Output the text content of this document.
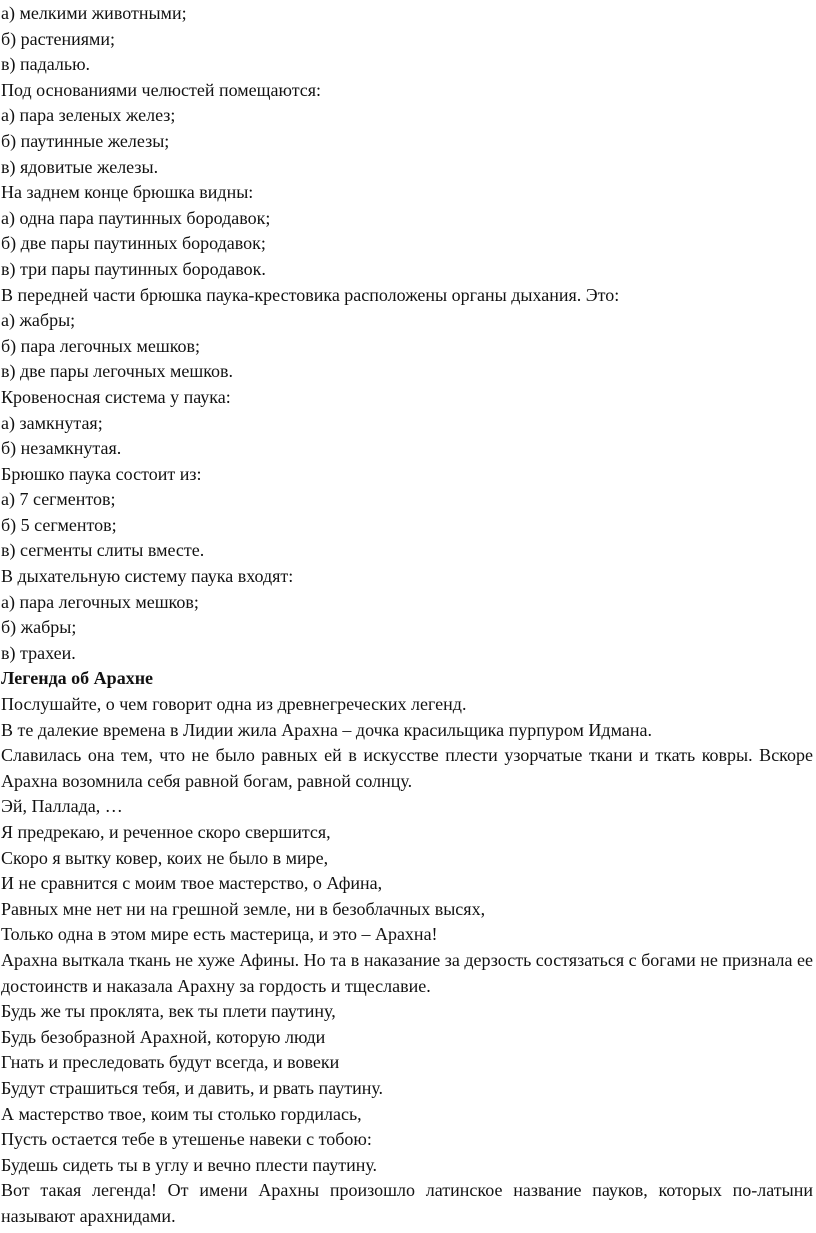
а) мелкими животными;
б) растениями;
в) падалью.
Под основаниями челюстей помещаются:
а) пара зеленых желез;
б) паутинные железы;
в) ядовитые железы.
На заднем конце брюшка видны:
а) одна пара паутинных бородавок;
б) две пары паутинных бородавок;
в) три пары паутинных бородавок.
В передней части брюшка паука-крестовика расположены органы дыхания. Это:
а) жабры;
б) пара легочных мешков;
в) две пары легочных мешков.
Кровеносная система у паука:
а) замкнутая;
б) незамкнутая.
Брюшко паука состоит из:
а) 7 сегментов;
б) 5 сегментов;
в) сегменты слиты вместе.
В дыхательную систему паука входят:
а) пара легочных мешков;
б) жабры;
в) трахеи.
Легенда об Арахне
Послушайте, о чем говорит одна из древнегреческих легенд.
В те далекие времена в Лидии жила Арахна – дочка красильщика пурпуром Идмана.
Славилась она тем, что не было равных ей в искусстве плести узорчатые ткани и ткать ковры. Вскоре Арахна возомнила себя равной богам, равной солнцу.
Эй, Паллада, …
Я предрекаю, и реченное скоро свершится,
Скоро я вытку ковер, коих не было в мире,
И не сравнится с моим твое мастерство, о Афина,
Равных мне нет ни на грешной земле, ни в безоблачных высях,
Только одна в этом мире есть мастерица, и это – Арахна!
Арахна выткала ткань не хуже Афины. Но та в наказание за дерзость состязаться с богами не признала ее достоинств и наказала Арахну за гордость и тщеславие.
Будь же ты проклята, век ты плети паутину,
Будь безобразной Арахной, которую люди
Гнать и преследовать будут всегда, и вовеки
Будут страшиться тебя, и давить, и рвать паутину.
А мастерство твое, коим ты столько гордилась,
Пусть остается тебе в утешенье навеки с тобою:
Будешь сидеть ты в углу и вечно плести паутину.
Вот такая легенда! От имени Арахны произошло латинское название пауков, которых по-латыни называют арахнидами.
